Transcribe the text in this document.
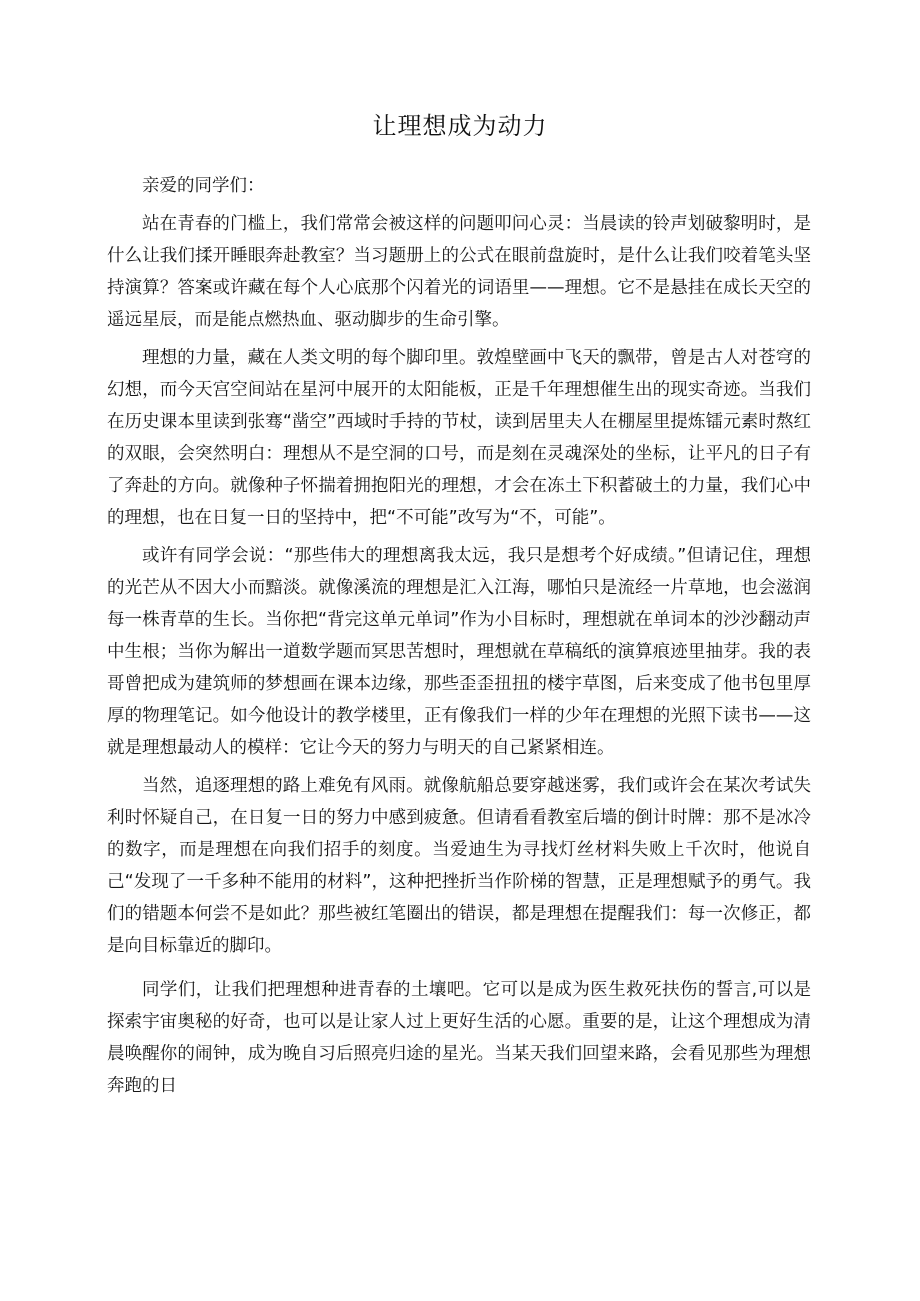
让理想成为动力

亲爱的同学们：

站在青春的门槛上，我们常常会被这样的问题叩问心灵：当晨读的铃声划破黎明时，是什么让我们揉开睡眼奔赴教室？当习题册上的公式在眼前盘旋时，是什么让我们咬着笔头坚持演算？答案或许藏在每个人心底那个闪着光的词语里——理想。它不是悬挂在成长天空的遥远星辰，而是能点燃热血、驱动脚步的生命引擎。

理想的力量，藏在人类文明的每个脚印里。敦煌壁画中飞天的飘带，曾是古人对苍穹的幻想，而今天宫空间站在星河中展开的太阳能板，正是千年理想催生出的现实奇迹。当我们在历史课本里读到张骞“凿空”西域时手持的节杖，读到居里夫人在棚屋里提炼镭元素时熬红的双眼，会突然明白：理想从不是空洞的口号，而是刻在灵魂深处的坐标，让平凡的日子有了奔赴的方向。就像种子怀揣着拥抱阳光的理想，才会在冻土下积蓄破土的力量，我们心中的理想，也在日复一日的坚持中，把“不可能”改写为“不，可能”。

或许有同学会说：“那些伟大的理想离我太远，我只是想考个好成绩。”但请记住，理想的光芒从不因大小而黯淡。就像溪流的理想是汇入江海，哪怕只是流经一片草地，也会滋润每一株青草的生长。当你把“背完这单元单词”作为小目标时，理想就在单词本的沙沙翻动声中生根；当你为解出一道数学题而冥思苦想时，理想就在草稿纸的演算痕迹里抽芽。我的表哥曾把成为建筑师的梦想画在课本边缘，那些歪歪扭扭的楼宇草图，后来变成了他书包里厚厚的物理笔记。如今他设计的教学楼里，正有像我们一样的少年在理想的光照下读书——这就是理想最动人的模样：它让今天的努力与明天的自己紧紧相连。

当然，追逐理想的路上难免有风雨。就像航船总要穿越迷雾，我们或许会在某次考试失利时怀疑自己，在日复一日的努力中感到疲惫。但请看看教室后墙的倒计时牌：那不是冰冷的数字，而是理想在向我们招手的刻度。当爱迪生为寻找灯丝材料失败上千次时，他说自己“发现了一千多种不能用的材料”，这种把挫折当作阶梯的智慧，正是理想赋予的勇气。我们的错题本何尝不是如此？那些被红笔圈出的错误，都是理想在提醒我们：每一次修正，都是向目标靠近的脚印。

同学们，让我们把理想种进青春的土壤吧。它可以是成为医生救死扶伤的誓言,可以是探索宇宙奥秘的好奇，也可以是让家人过上更好生活的心愿。重要的是，让这个理想成为清晨唤醒你的闹钟，成为晚自习后照亮归途的星光。当某天我们回望来路，会看见那些为理想奔跑的日
